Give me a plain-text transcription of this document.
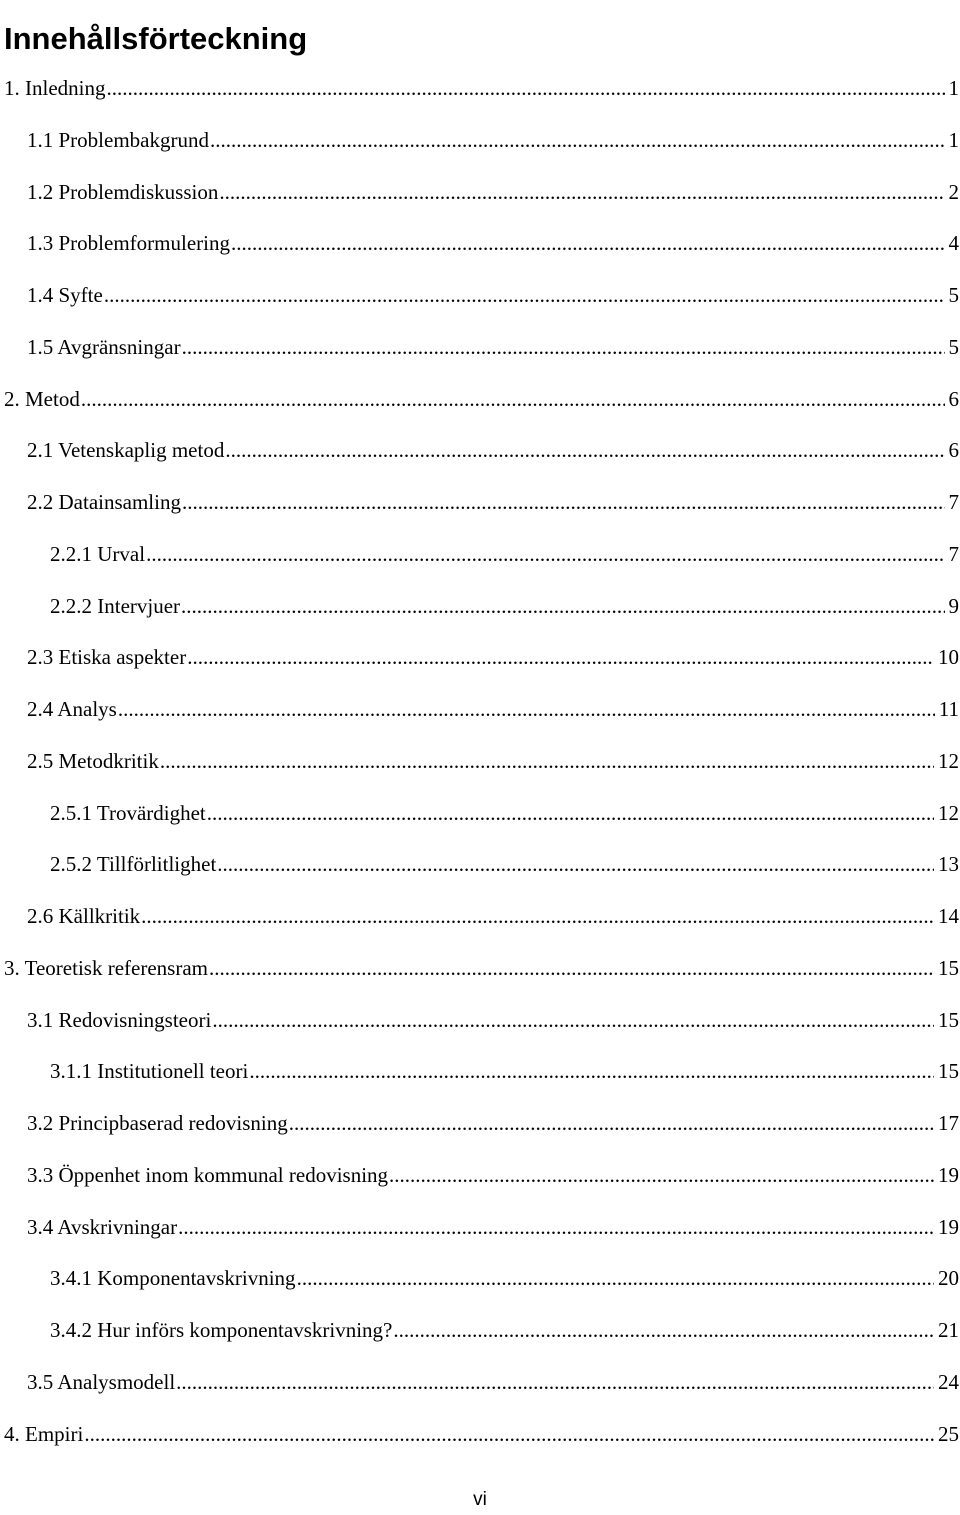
Innehållsförteckning
1. Inledning .....	1
1.1 Problembakgrund .....	1
1.2 Problemdiskussion .....	2
1.3 Problemformulering .....	4
1.4 Syfte .....	5
1.5 Avgränsningar .....	5
2. Metod .....	6
2.1 Vetenskaplig metod .....	6
2.2 Datainsamling .....	7
2.2.1 Urval .....	7
2.2.2 Intervjuer .....	9
2.3 Etiska aspekter .....	10
2.4 Analys .....	11
2.5 Metodkritik .....	12
2.5.1 Trovärdighet .....	12
2.5.2 Tillförlitlighet .....	13
2.6 Källkritik .....	14
3. Teoretisk referensram .....	15
3.1 Redovisningsteori .....	15
3.1.1 Institutionell teori .....	15
3.2 Principbaserad redovisning .....	17
3.3 Öppenhet inom kommunal redovisning .....	19
3.4 Avskrivningar .....	19
3.4.1 Komponentavskrivning .....	20
3.4.2 Hur införs komponentavskrivning? .....	21
3.5 Analysmodell .....	24
4. Empiri .....	25
vi
